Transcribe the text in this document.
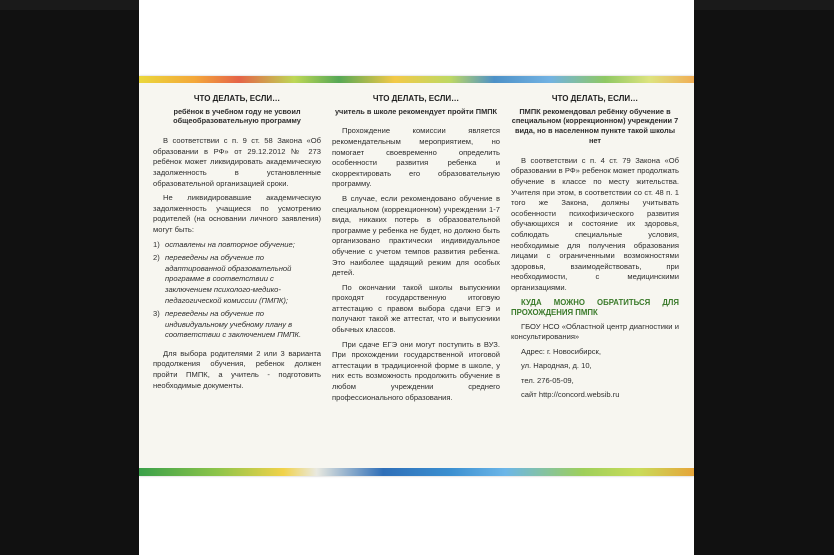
ЧТО ДЕЛАТЬ, ЕСЛИ…

ребёнок в учебном году не усвоил общеобразовательную программу

В соответствии с п. 9 ст. 58 Закона «Об образовании в РФ» от 29.12.2012 № 273 ребёнок может ликвидировать академическую задолженность в установленные образовательной организацией сроки.

Не ликвидировавшие академическую задолженность учащиеся по усмотрению родителей (на основании личного заявления) могут быть:

1) оставлены на повторное обучение;
2) переведены на обучение по адаптированной образовательной программе в соответствии с заключением психолого-медико-педагогической комиссии (ПМПК);
3) переведены на обучение по индивидуальному учебному плану в соответствии с заключением ПМПК.

Для выбора родителями 2 или 3 варианта продолжения обучения, ребенок должен пройти ПМПК, а учитель - подготовить необходимые документы.

ЧТО ДЕЛАТЬ, ЕСЛИ…

учитель в школе рекомендует пройти ПМПК

Прохождение комиссии является рекомендательным мероприятием, но помогает своевременно определить особенности развития ребенка и скорректировать его образовательную программу.

В случае, если рекомендовано обучение в специальном (коррекционном) учреждении 1-7 вида, никаких потерь в образовательной программе у ребенка не будет, но должно быть организовано практически индивидуальное обучение с учетом темпов развития ребенка. Это наиболее щадящий режим для особых детей.

По окончании такой школы выпускники проходят государственную итоговую аттестацию с правом выбора сдачи ЕГЭ и получают такой же аттестат, что и выпускники обычных классов.

При сдаче ЕГЭ они могут поступить в ВУЗ. При прохождении государственной итоговой аттестации в традиционной форме в школе, у них есть возможность продолжить обучение в любом учреждении среднего профессионального образования.

ЧТО ДЕЛАТЬ, ЕСЛИ…

ПМПК рекомендовал ребёнку обучение в специальном (коррекционном) учреждении 7 вида, но в населенном пункте такой школы нет

В соответствии с п. 4 ст. 79 Закона «Об образовании в РФ» ребенок может продолжать обучение в классе по месту жительства. Учителя при этом, в соответствии со ст. 48 п. 1 того же Закона, должны учитывать особенности психофизического развития обучающихся и состояние их здоровья, соблюдать специальные условия, необходимые для получения образования лицами с ограниченными возможностями здоровья, взаимодействовать, при необходимости, с медицинскими организациями.

КУДА МОЖНО ОБРАТИТЬСЯ ДЛЯ ПРОХОЖДЕНИЯ ПМПК

ГБОУ НСО «Областной центр диагностики и консультирования»

Адрес: г. Новосибирск,

ул. Народная, д. 10,

тел. 276-05-09,

сайт http://concord.websib.ru
